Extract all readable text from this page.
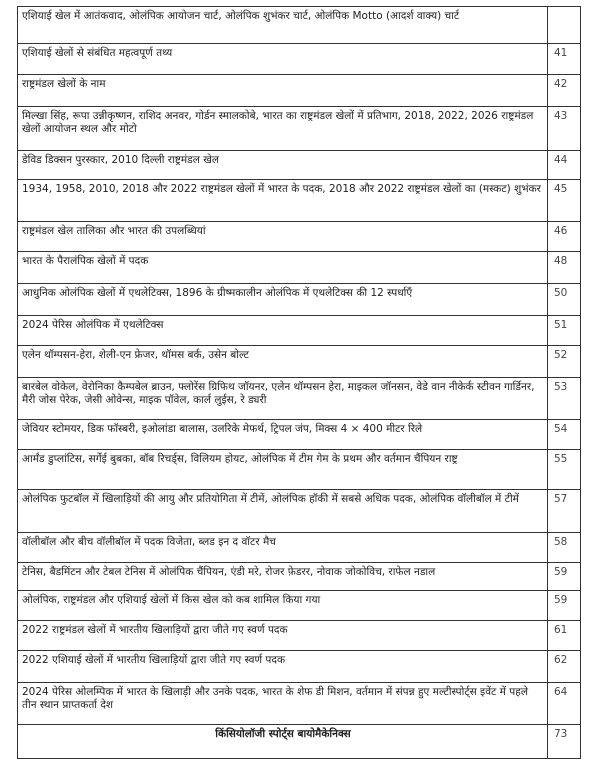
एशियाई खेल में आतंकवाद, ओलंपिक आयोजन चार्ट, ओलंपिक शुभंकर चार्ट, ओलंपिक Motto (आदर्श वाक्य) चार्ट	
एशियाई खेलों से संबंधित महत्वपूर्ण तथ्य	41
राष्ट्रमंडल खेलों के नाम	42
मिल्खा सिंह, रूपा उन्नीकृष्णन, राशिद अनवर, गोर्डन स्मालकोबे, भारत का राष्ट्रमंडल खेलों में प्रतिभाग, 2018, 2022, 2026 राष्ट्रमंडल खेलों आयोजन स्थल और मोटो	43
डेविड डिक्सन पुरस्कार, 2010 दिल्ली राष्ट्रमंडल खेल	44
1934, 1958, 2010, 2018 और 2022 राष्ट्रमंडल खेलों में भारत के पदक, 2018 और 2022 राष्ट्रमंडल खेलों का (मस्कट) शुभंकर	45
राष्ट्रमंडल खेल तालिका और भारत की उपलब्धियां	46
भारत के पैरालंपिक खेलों में पदक	48
आधुनिक ओलंपिक खेलों में एथलेटिक्स, 1896 के ग्रीष्मकालीन ओलंपिक में एथलेटिक्स की 12 स्पर्धाएँ	50
2024 पेरिस ओलंपिक में एथलेटिक्स	51
एलेन थॉम्पसन-हेरा, शेली-एन फ्रेजर, थॉमस बर्क, उसेन बोल्ट	52
बारबेल वोकेल, वेरोनिका कैम्पबेल ब्राउन, फ्लोरेंस ग्रिफिथ जॉयनर, एलेन थॉम्पसन हेरा, माइकल जॉनसन, वेडे वान नीकेर्क स्टीवन गार्डिनर, मैरी जोस पेरेक, जेसी ओवेन्स, माइक पॉवेल, कार्ल लुईस, रे ड्यरी	53
जेवियर स्टोमयर, डिक फॉस्बरी, इओलांडा बालास, उलरिके मेफर्थ, ट्रिपल जंप, मिक्स 4 × 400 मीटर रिले	54
आर्मंड डुप्लांटिस, सर्गेई बुबका, बॉब रिचर्ड्स, विलियम होयट, ओलंपिक में टीम गेम के प्रथम और वर्तमान चैंपियन राष्ट्र	55
ओलंपिक फुटबॉल में खिलाड़ियों की आयु और प्रतियोगिता में टीमें, ओलंपिक हॉकी में सबसे अधिक पदक, ओलंपिक वॉलीबॉल में टीमें	57
वॉलीबॉल और बीच वॉलीबॉल में पदक विजेता, ब्लड इन द वॉटर मैच	58
टेनिस, बैडमिंटन और टेबल टेनिस में ओलंपिक चैंपियन, एंडी मरे, रोजर फ़ेडरर, नोवाक जोकोविच, राफेल नडाल	59
ओलंपिक, राष्ट्रमंडल और एशियाई खेलों में किस खेल को कब शामिल किया गया	59
2022 राष्ट्रमंडल खेलों में भारतीय खिलाड़ियों द्वारा जीते गए स्वर्ण पदक	61
2022 एशियाई खेलों में भारतीय खिलाड़ियों द्वारा जीते गए स्वर्ण पदक	62
2024 पेरिस ओलम्पिक में भारत के खिलाड़ी और उनके पदक, भारत के शेफ डी मिशन, वर्तमान में संपन्न हुए मल्टीस्पोर्ट्स इवेंट में पहले तीन स्थान प्राप्तकर्ता देश	64
किंसियोलॉजी स्पोर्ट्स बायोमैकेनिक्स	73
